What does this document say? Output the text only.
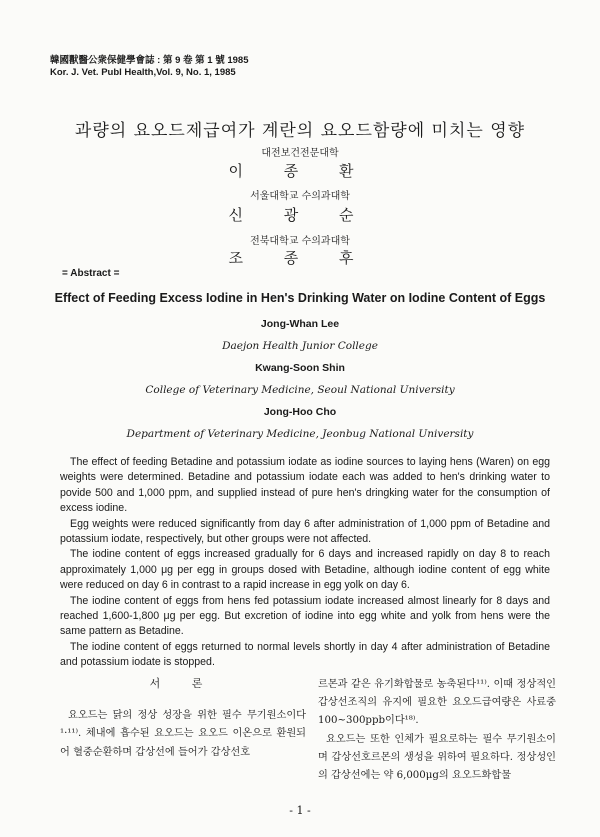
韓國獸醫公衆保健學會誌 : 第 9 卷 第 1 號 1985
Kor. J. Vet. Publ Health,Vol. 9, No. 1, 1985
과량의 요오드제급여가 계란의 요오드함량에 미치는 영향
대전보건전문대학
이 종 환
서울대학교 수의과대학
신 광 순
전북대학교 수의과대학
조 종 후
= Abstract =
Effect of Feeding Excess Iodine in Hen's Drinking Water on Iodine Content of Eggs
Jong-Whan Lee
Daejon Health Junior College
Kwang-Soon Shin
College of Veterinary Medicine, Seoul National University
Jong-Hoo Cho
Department of Veterinary Medicine, Jeonbug National University

The effect of feeding Betadine and potassium iodate as iodine sources to laying hens (Waren) on egg weights were determined. Betadine and potassium iodate each was added to hen's drinking water to povide 500 and 1,000 ppm, and supplied instead of pure hen's dringking water for the consumption of excess iodine.

Egg weights were reduced significantly from day 6 after administration of 1,000 ppm of Betadine and potassium iodate, respectively, but other groups were not affected.

The iodine content of eggs increased gradually for 6 days and increased rapidly on day 8 to reach approximately 1,000 μg per egg in groups dosed with Betadine, although iodine content of egg white were reduced on day 6 in contrast to a rapid increase in egg yolk on day 6.

The iodine content of eggs from hens fed potassium iodate increased almost linearly for 8 days and reached 1,600-1,800 μg per egg. But excretion of iodine into egg white and yolk from hens were the same pattern as Betadine.

The iodine content of eggs returned to normal levels shortly in day 4 after administration of Betadine and potassium iodate is stopped.

서 론

요오드는 닭의 정상 성장을 위한 필수 무기원소이다¹·¹¹⁾. 체내에 흡수된 요오드는 요오드 이온으로 환원되어 혈중순환하며 갑상선에 들어가 갑상선호

르몬과 같은 유기화합물로 농축된다¹¹⁾. 이때 정상적인 갑상선조직의 유지에 필요한 요오드급여량은 사료중 100~300ppb이다¹⁸⁾.

요오드는 또한 인체가 필요로하는 필수 무기원소이며 갑상선호르몬의 생성을 위하여 필요하다. 정상성인의 갑상선에는 약 6,000μg의 요오드화합물

- 1 -
